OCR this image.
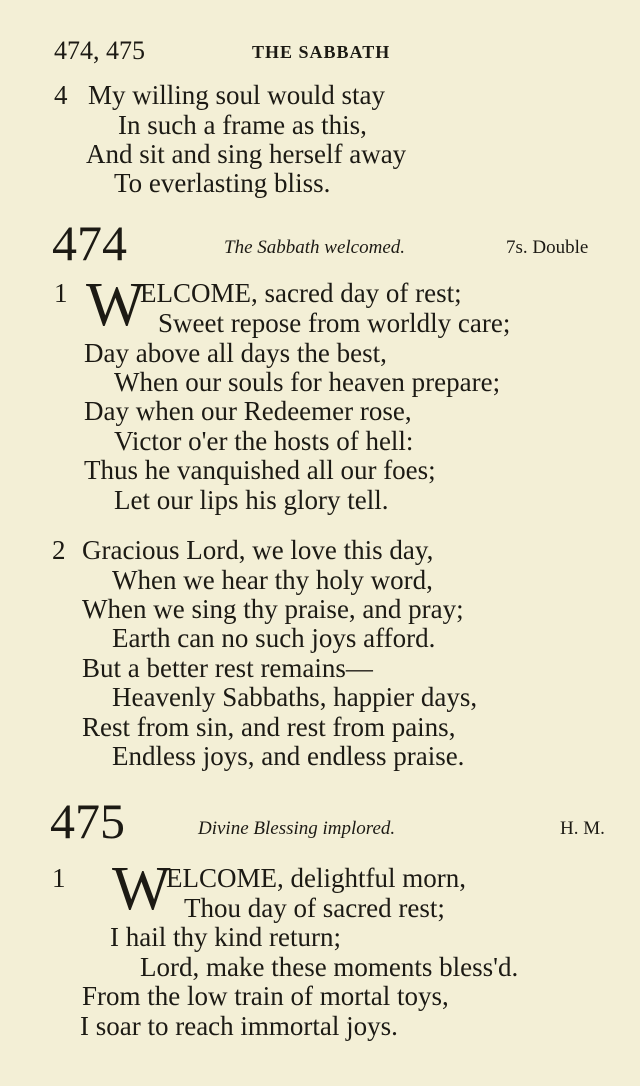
474, 475	THE SABBATH
4 My willing soul would stay
In such a frame as this,
And sit and sing herself away
To everlasting bliss.
474	The Sabbath welcomed.	7s. Double
1 W
ELCOME, sacred day of rest;
Sweet repose from worldly care;
Day above all days the best,
When our souls for heaven prepare;
Day when our Redeemer rose,
Victor o'er the hosts of hell:
Thus he vanquished all our foes;
Let our lips his glory tell.
2 Gracious Lord, we love this day,
When we hear thy holy word,
When we sing thy praise, and pray;
Earth can no such joys afford.
But a better rest remains—
Heavenly Sabbaths, happier days,
Rest from sin, and rest from pains,
Endless joys, and endless praise.
475	Divine Blessing implored.	H. M.
1 W
ELCOME, delightful morn,
Thou day of sacred rest;
I hail thy kind return;
Lord, make these moments bless'd.
From the low train of mortal toys,
I soar to reach immortal joys.
